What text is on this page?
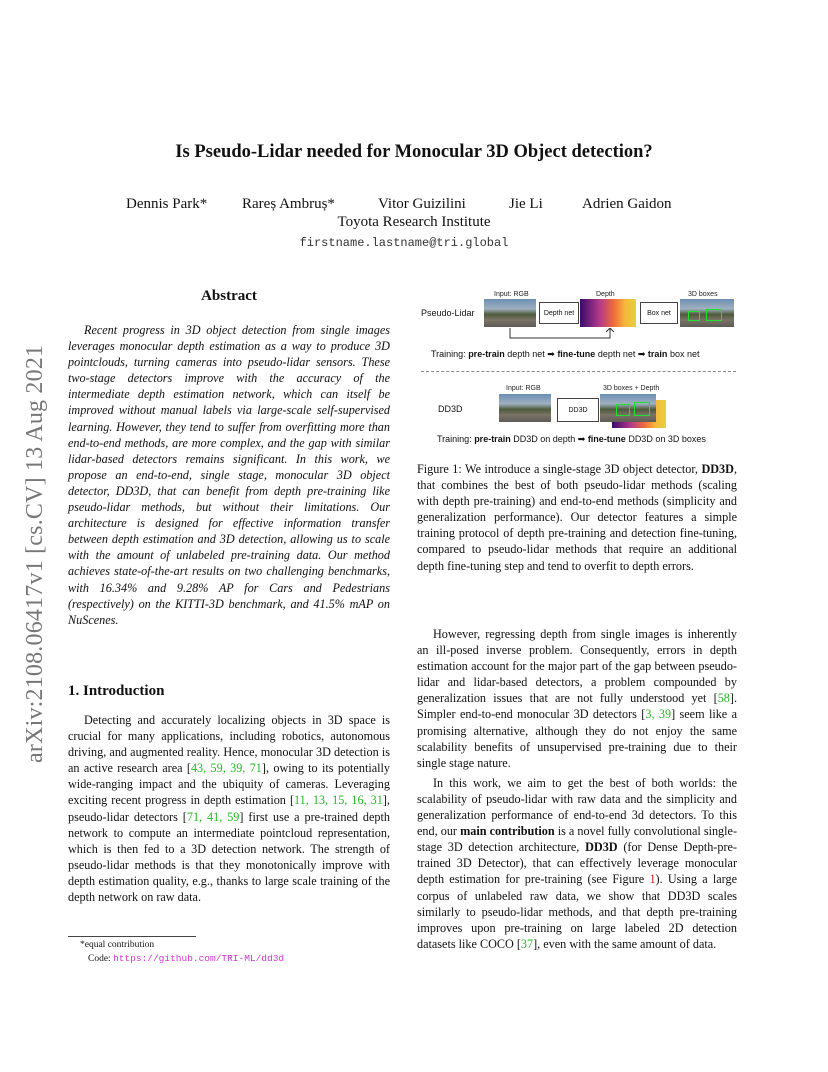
arXiv:2108.06417v1 [cs.CV] 13 Aug 2021
Is Pseudo-Lidar needed for Monocular 3D Object detection?
Dennis Park* Rareș Ambruș*	Vitor Guizilini	Jie Li	Adrien Gaidon
Toyota Research Institute
firstname.lastname@tri.global
Abstract
Recent progress in 3D object detection from single images leverages monocular depth estimation as a way to produce 3D pointclouds, turning cameras into pseudo-lidar sensors. These two-stage detectors improve with the accuracy of the intermediate depth estimation network, which can itself be improved without manual labels via large-scale self-supervised learning. However, they tend to suffer from overfitting more than end-to-end methods, are more complex, and the gap with similar lidar-based detectors remains significant. In this work, we propose an end-to-end, single stage, monocular 3D object detector, DD3D, that can benefit from depth pre-training like pseudo-lidar methods, but without their limitations. Our architecture is designed for effective information transfer between depth estimation and 3D detection, allowing us to scale with the amount of unlabeled pre-training data. Our method achieves state-of-the-art results on two challenging benchmarks, with 16.34% and 9.28% AP for Cars and Pedestrians (respectively) on the KITTI-3D benchmark, and 41.5% mAP on NuScenes.
1. Introduction
Detecting and accurately localizing objects in 3D space is crucial for many applications, including robotics, autonomous driving, and augmented reality. Hence, monocular 3D detection is an active research area [43, 59, 39, 71], owing to its potentially wide-ranging impact and the ubiquity of cameras. Leveraging exciting recent progress in depth estimation [11, 13, 15, 16, 31], pseudo-lidar detectors [71, 41, 59] first use a pre-trained depth network to compute an intermediate pointcloud representation, which is then fed to a 3D detection network. The strength of pseudo-lidar methods is that they monotonically improve with depth estimation quality, e.g., thanks to large scale training of the depth network on raw data.
*equal contribution
Code: https://github.com/TRI-ML/dd3d
Pseudo-Lidar
Input: RGB	Depth	3D boxes
Depth net	Box net
Training: pre-train depth net ➡ fine-tune depth net ➡ train box net
DD3D
Input: RGB	3D boxes + Depth
DD3D
Training: pre-train DD3D on depth ➡ fine-tune DD3D on 3D boxes
Figure 1: We introduce a single-stage 3D object detector, DD3D, that combines the best of both pseudo-lidar methods (scaling with depth pre-training) and end-to-end methods (simplicity and generalization performance). Our detector features a simple training protocol of depth pre-training and detection fine-tuning, compared to pseudo-lidar methods that require an additional depth fine-tuning step and tend to overfit to depth errors.

However, regressing depth from single images is inherently an ill-posed inverse problem. Consequently, errors in depth estimation account for the major part of the gap between pseudo-lidar and lidar-based detectors, a problem compounded by generalization issues that are not fully understood yet [58]. Simpler end-to-end monocular 3D detectors [3, 39] seem like a promising alternative, although they do not enjoy the same scalability benefits of unsupervised pre-training due to their single stage nature.

In this work, we aim to get the best of both worlds: the scalability of pseudo-lidar with raw data and the simplicity and generalization performance of end-to-end 3d detectors. To this end, our main contribution is a novel fully convolutional single-stage 3D detection architecture, DD3D (for Dense Depth-pre-trained 3D Detector), that can effectively leverage monocular depth estimation for pre-training (see Figure 1). Using a large corpus of unlabeled raw data, we show that DD3D scales similarly to pseudo-lidar methods, and that depth pre-training improves upon pre-training on large labeled 2D detection datasets like COCO [37], even with the same amount of data.
